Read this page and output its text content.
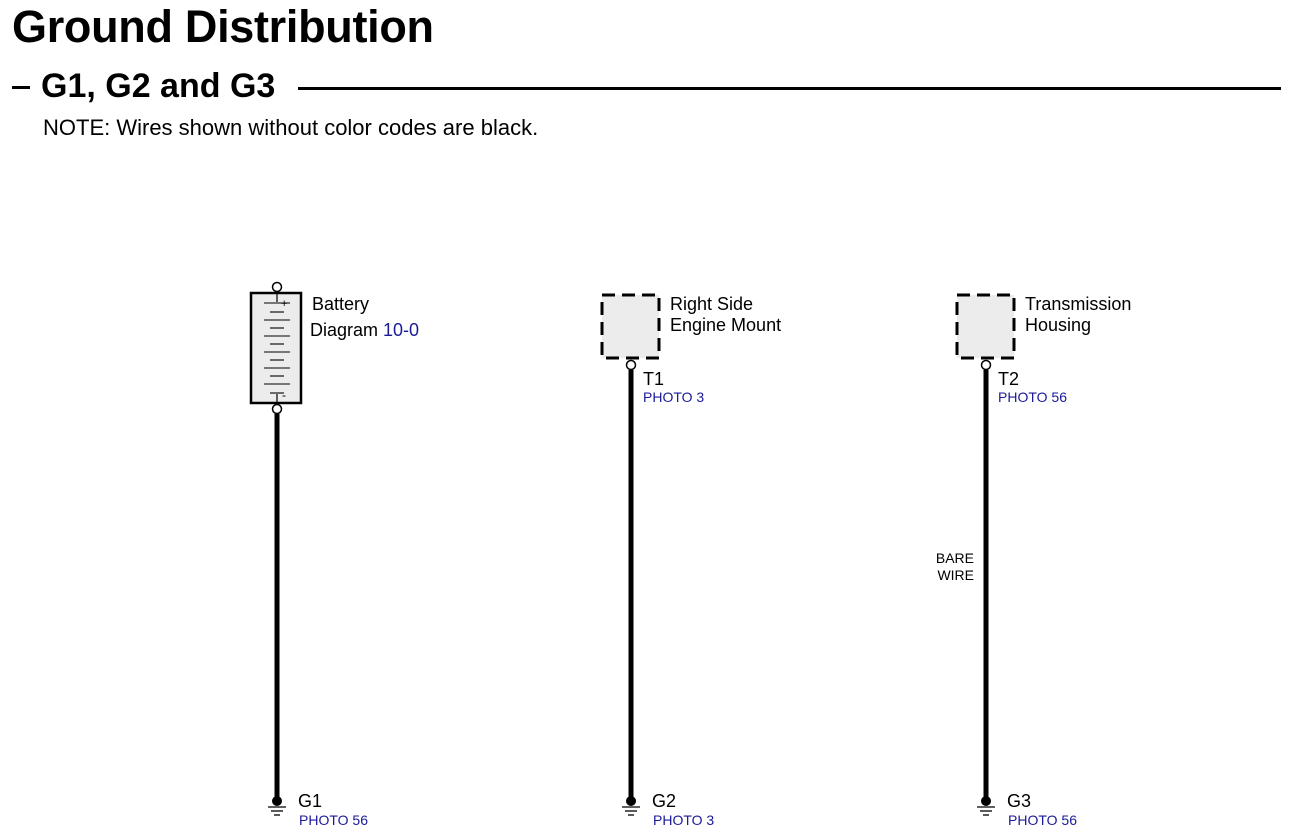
Ground Distribution
G1, G2 and G3
NOTE: Wires shown without color codes are black.
+
-
Battery
Diagram 10-0
G1
PHOTO 56
Right Side
Engine Mount
T1
PHOTO 3
G2
PHOTO 3
Transmission
Housing
T2
PHOTO 56
BARE
WIRE
G3
PHOTO 56
